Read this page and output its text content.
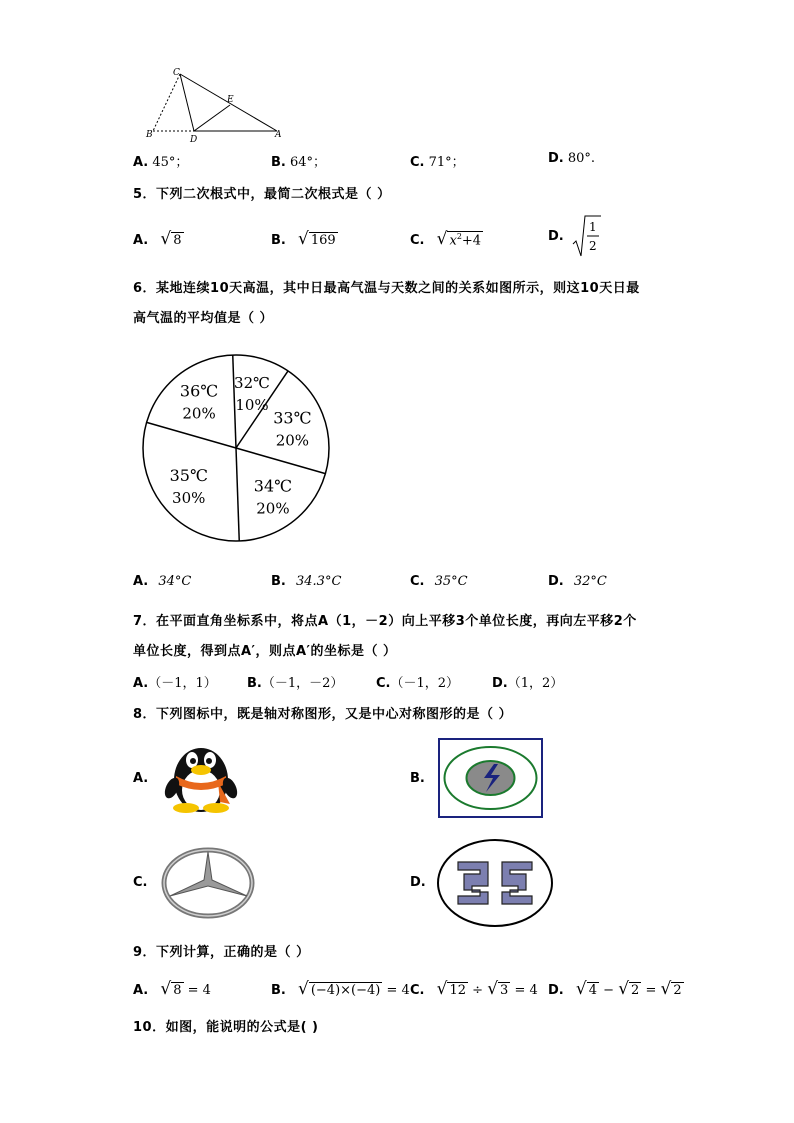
C
E
B	D	A
A. 45°；	B. 64°；	C. 71°；	D. 80°.
5．下列二次根式中，最简二次根式是（ ）
A. √ 8	B. √ 169	C. √ $x^2+4$	D.
1
2
6．某地连续10天高温，其中日最高气温与天数之间的关系如图所示，则这10天日最
高气温的平均值是（ ）
32℃
10%
33℃
20%
34℃
20%
35℃
30%
36℃
20%
A. 34°C	B. 34.3°C	C. 35°C	D. 32°C
7．在平面直角坐标系中，将点A（1，－2）向上平移3个单位长度，再向左平移2个
单位长度，得到点A′，则点A′的坐标是（ ）
A.（－1，1） B.（－1，－2）	C.（－1，2）	D.（1，2）
8．下列图标中，既是轴对称图形，又是中心对称图形的是（ ）
A.	B.
C.	D.
9．下列计算，正确的是（ ）
A. √ 8 = 4	B. √ (−4)×(−4) = 4 C. √ 12 ÷ √ 3 = 4 D. √ 4 − √ 2 = √ 2
10．如图，能说明的公式是( )
